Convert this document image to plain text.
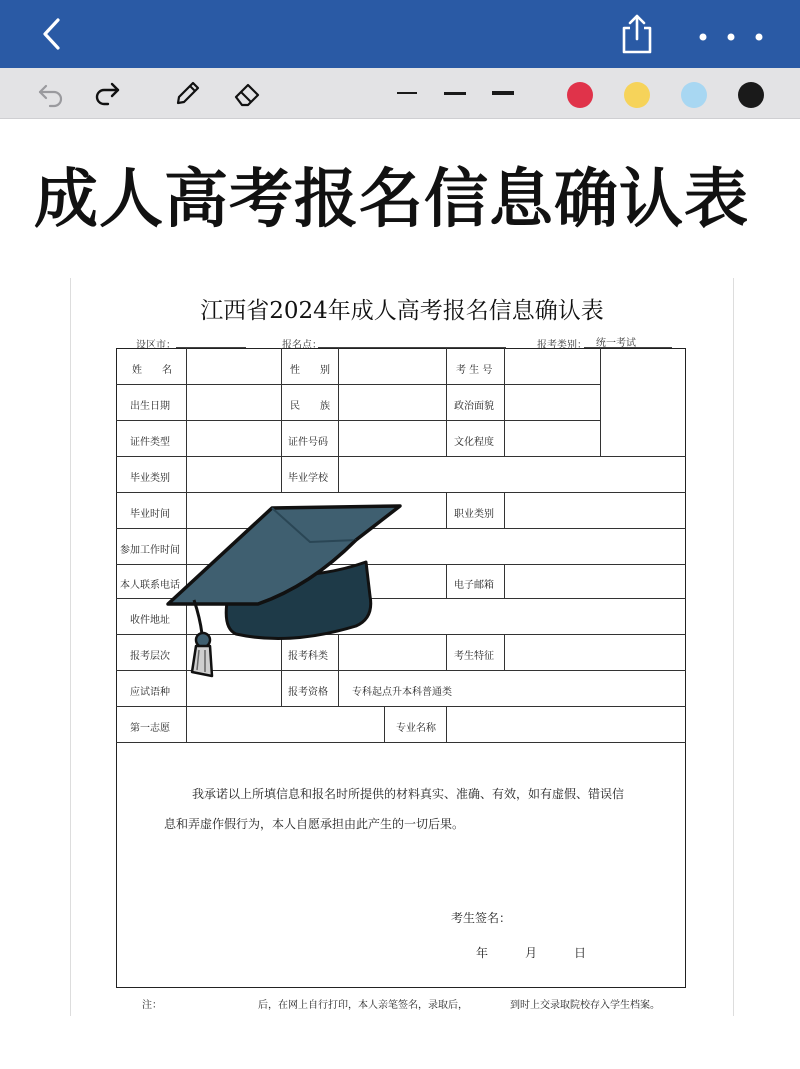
成人高考报名信息确认表
江西省2024年成人高考报名信息确认表
设区市：	报名点：	报考类别： 统一考试
姓　　名	性　　别	考 生 号
出生日期	民　　族	政治面貌
证件类型	证件号码	文化程度
毕业类别	毕业学校
毕业时间	职业类别
参加工作时间
本人联系电话	电子邮箱
收件地址
报考层次	报考科类	考生特征
应试语种	报考资格 专科起点升本科普通类
第一志愿	专业名称
我承诺以上所填信息和报名时所提供的材料真实、准确、有效，如有虚假、错误信
息和弄虚作假行为，本人自愿承担由此产生的一切后果。
考生签名：
年	月	日
注：	后，在网上自行打印，本人亲笔签名，录取后，	到时上交录取院校存入学生档案。
